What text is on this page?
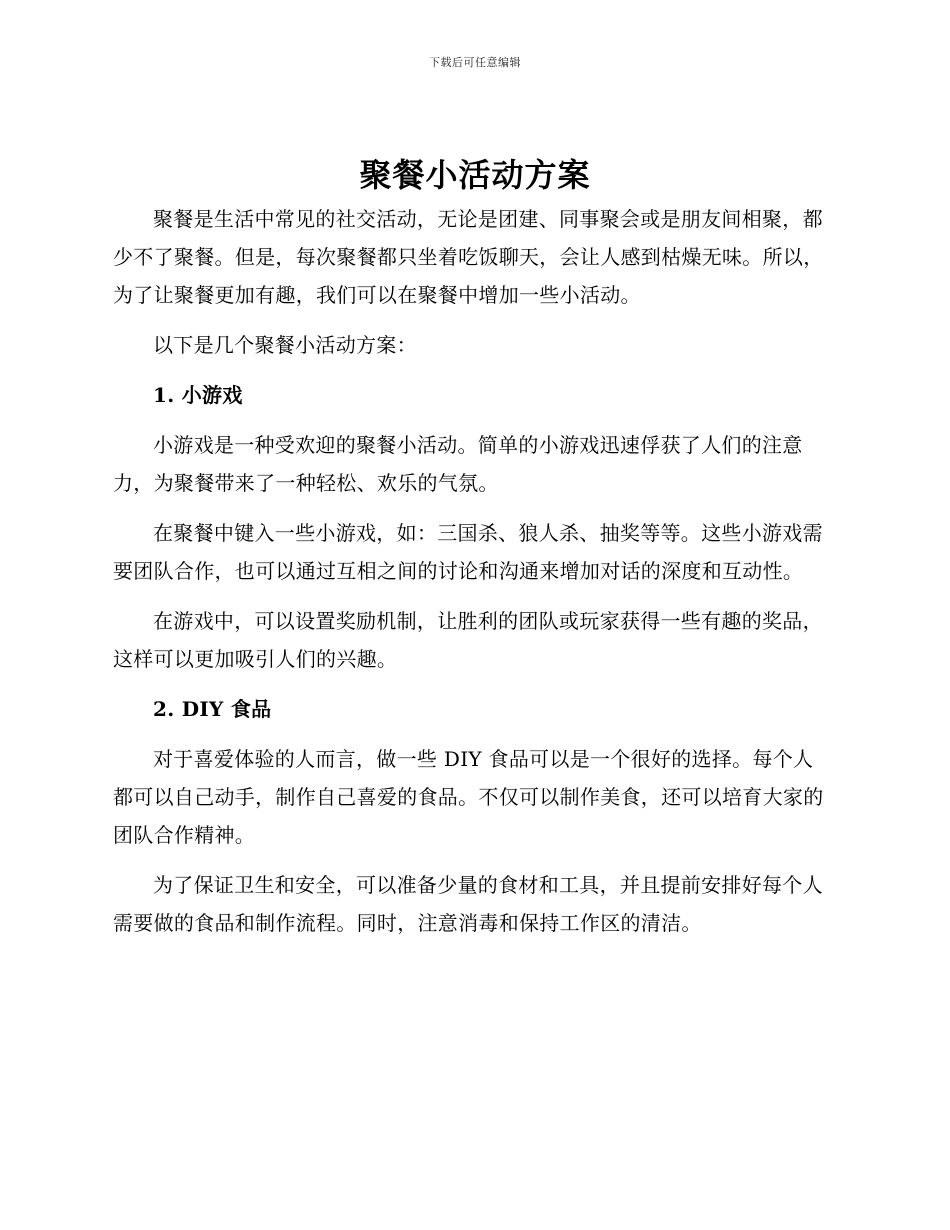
下载后可任意编辑
聚餐小活动方案

聚餐是生活中常见的社交活动，无论是团建、同事聚会或是朋友间相聚，都少不了聚餐。但是，每次聚餐都只坐着吃饭聊天，会让人感到枯燥无味。所以，为了让聚餐更加有趣，我们可以在聚餐中增加一些小活动。

以下是几个聚餐小活动方案：

1. 小游戏

小游戏是一种受欢迎的聚餐小活动。简单的小游戏迅速俘获了人们的注意力，为聚餐带来了一种轻松、欢乐的气氛。

在聚餐中键入一些小游戏，如：三国杀、狼人杀、抽奖等等。这些小游戏需要团队合作，也可以通过互相之间的讨论和沟通来增加对话的深度和互动性。

在游戏中，可以设置奖励机制，让胜利的团队或玩家获得一些有趣的奖品，这样可以更加吸引人们的兴趣。

2. DIY 食品

对于喜爱体验的人而言，做一些 DIY 食品可以是一个很好的选择。每个人都可以自己动手，制作自己喜爱的食品。不仅可以制作美食，还可以培育大家的团队合作精神。

为了保证卫生和安全，可以准备少量的食材和工具，并且提前安排好每个人需要做的食品和制作流程。同时，注意消毒和保持工作区的清洁。
